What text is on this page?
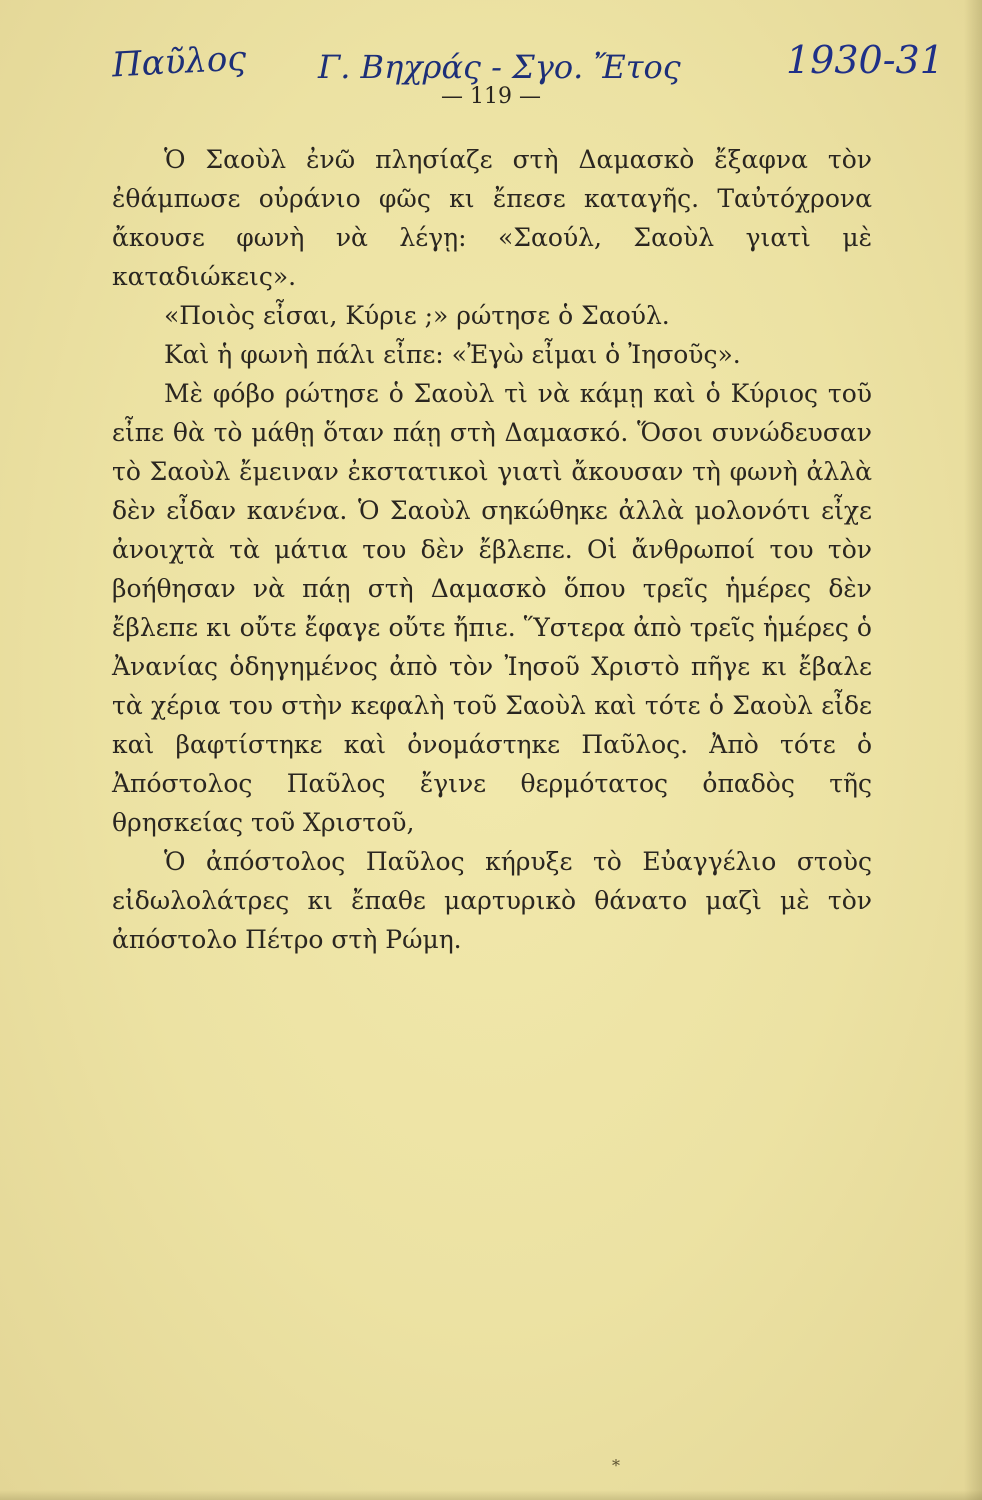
Παῦλος Γ. Βηχράς - Σγο. Ἔτος	1930-31
— 119 —

Ὁ Σαοὺλ ἐνῶ πλησίαζε στὴ Δαμασκὸ ἔξαφνα τὸν ἐθάμπωσε οὐράνιο φῶς κι ἔπεσε καταγῆς. Ταὐτόχρονα ἄκουσε φωνὴ νὰ λέγῃ: «Σαούλ, Σαοὺλ γιατὶ μὲ καταδιώκεις».

«Ποιὸς εἶσαι, Κύριε ;» ρώτησε ὁ Σαούλ.

Καὶ ἡ φωνὴ πάλι εἶπε: «Ἐγὼ εἶμαι ὁ Ἰησοῦς».

Μὲ φόβο ρώτησε ὁ Σαοὺλ τὶ νὰ κάμῃ καὶ ὁ Κύριος τοῦ εἶπε θὰ τὸ μάθῃ ὅταν πάῃ στὴ Δαμασκό. Ὅσοι συνώδευσαν τὸ Σαοὺλ ἔμειναν ἐκστατικοὶ γιατὶ ἄκουσαν τὴ φωνὴ ἀλλὰ δὲν εἶδαν κανένα. Ὁ Σαοὺλ σηκώθηκε ἀλλὰ μολονότι εἶχε ἀνοιχτὰ τὰ μάτια του δὲν ἔβλεπε. Οἱ ἄνθρωποί του τὸν βοήθησαν νὰ πάῃ στὴ Δαμασκὸ ὅπου τρεῖς ἡμέρες δὲν ἔβλεπε κι οὔτε ἔφαγε οὔτε ἤπιε. Ὕστερα ἀπὸ τρεῖς ἡμέρες ὁ Ἀνανίας ὁδηγημένος ἀπὸ τὸν Ἰησοῦ Χριστὸ πῆγε κι ἔβαλε τὰ χέρια του στὴν κεφαλὴ τοῦ Σαοὺλ καὶ τότε ὁ Σαοὺλ εἶδε καὶ βαφτίστηκε καὶ ὀνομάστηκε Παῦλος. Ἀπὸ τότε ὁ Ἀπόστολος Παῦλος ἔγινε θερμότατος ὀπαδὸς τῆς θρησκείας τοῦ Χριστοῦ,

Ὁ ἀπόστολος Παῦλος κήρυξε τὸ Εὐαγγέλιο στοὺς εἰδωλολάτρες κι ἔπαθε μαρτυρικὸ θάνατο μαζὶ μὲ τὸν ἀπόστολο Πέτρο στὴ Ρώμη.

*
